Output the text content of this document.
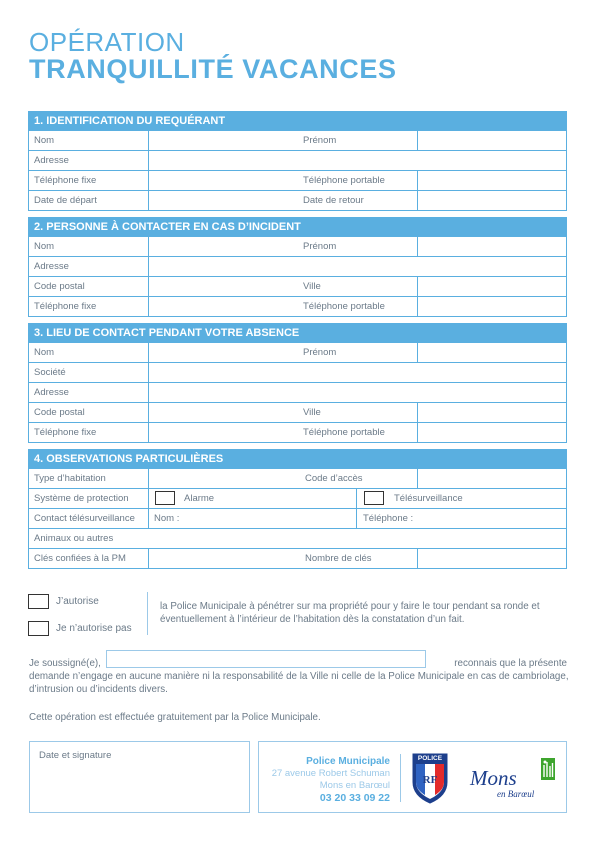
OPÉRATION
TRANQUILLITÉ VACANCES
1. IDENTIFICATION DU REQUÉRANT
Nom	Prénom
Adresse
Téléphone fixe	Téléphone portable
Date de départ	Date de retour
2. PERSONNE À CONTACTER EN CAS D’INCIDENT
Nom	Prénom
Adresse
Code postal	Ville
Téléphone fixe	Téléphone portable
3. LIEU DE CONTACT PENDANT VOTRE ABSENCE
Nom	Prénom
Société
Adresse
Code postal	Ville
Téléphone fixe	Téléphone portable
4. OBSERVATIONS PARTICULIÈRES
Type d’habitation	Code d’accès
Système de protection	Alarme	Télésurveillance
Contact télésurveillance Nom :	Téléphone :
Animaux ou autres
Clés confiées à la PM	Nombre de clés
J’autorise
Je n’autorise pas
la Police Municipale à pénétrer sur ma propriété pour y faire le tour pendant sa ronde et éventuellement à l’intérieur de l’habitation dès la constatation d’un fait.
Je soussigné(e),	reconnais que la présente
demande n’engage en aucune manière ni la responsabilité de la Ville ni celle de la Police Municipale en cas de cambriolage, d’intrusion ou d’incidents divers.
Cette opération est effectuée gratuitement par la Police Municipale.
Date et signature
Police Municipale
27 avenue Robert Schuman
Mons en Barœul
03 20 33 09 22
POLICE
RF	Mons
en Barœul
